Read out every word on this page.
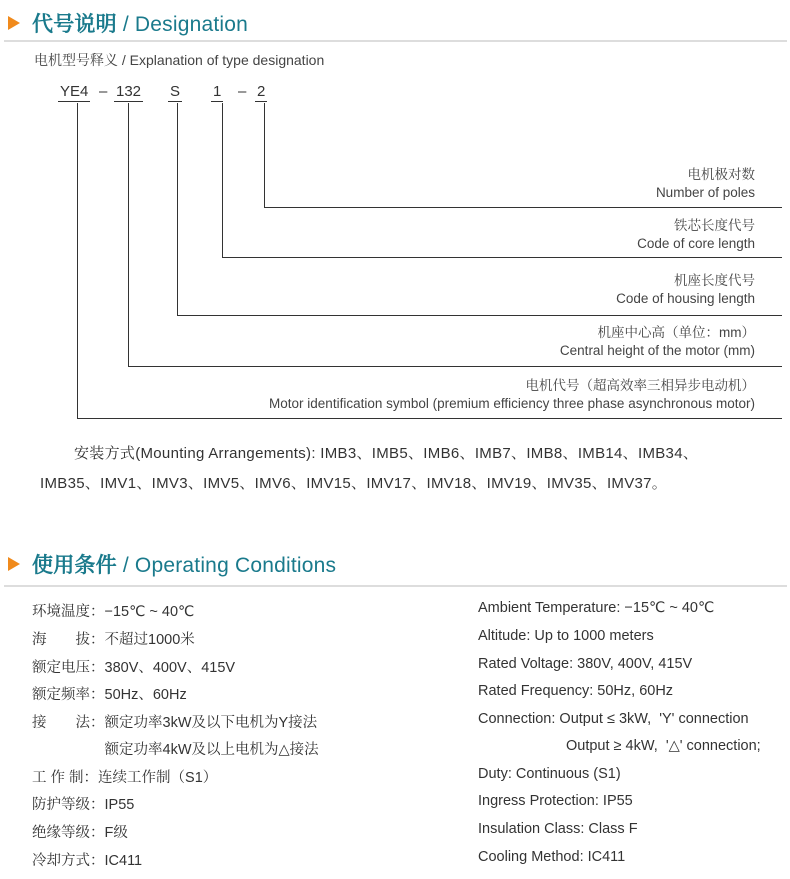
代号说明 / Designation
电机型号释义 / Explanation of type designation
YE4 – 132 S 1 – 2
电机极对数
Number of poles
铁芯长度代号
Code of core length
机座长度代号
Code of housing length
机座中心高（单位：mm）
Central height of the motor (mm)
电机代号（超高效率三相异步电动机）
Motor identification symbol (premium efficiency three phase asynchronous motor)
安装方式(Mounting Arrangements): IMB3、IMB5、IMB6、IMB7、IMB8、IMB14、IMB34、
IMB35、IMV1、IMV3、IMV5、IMV6、IMV15、IMV17、IMV18、IMV19、IMV35、IMV37。
使用条件 / Operating Conditions
环境温度：−15℃ ~ 40℃
海　　拔：不超过1000米
额定电压：380V、400V、415V
额定频率：50Hz、60Hz
接　　法：额定功率3kW及以下电机为Y接法
　　　　　额定功率4kW及以上电机为△接法
工 作 制：连续工作制（S1）
防护等级：IP55
绝缘等级：F级
冷却方式：IC411
Ambient Temperature: −15℃ ~ 40℃
Altitude: Up to 1000 meters
Rated Voltage: 380V, 400V, 415V
Rated Frequency: 50Hz, 60Hz
Connection: Output ≤ 3kW,  'Y' connection
Output ≥ 4kW,  '△' connection;
Duty: Continuous (S1)
Ingress Protection: IP55
Insulation Class: Class F
Cooling Method: IC411
